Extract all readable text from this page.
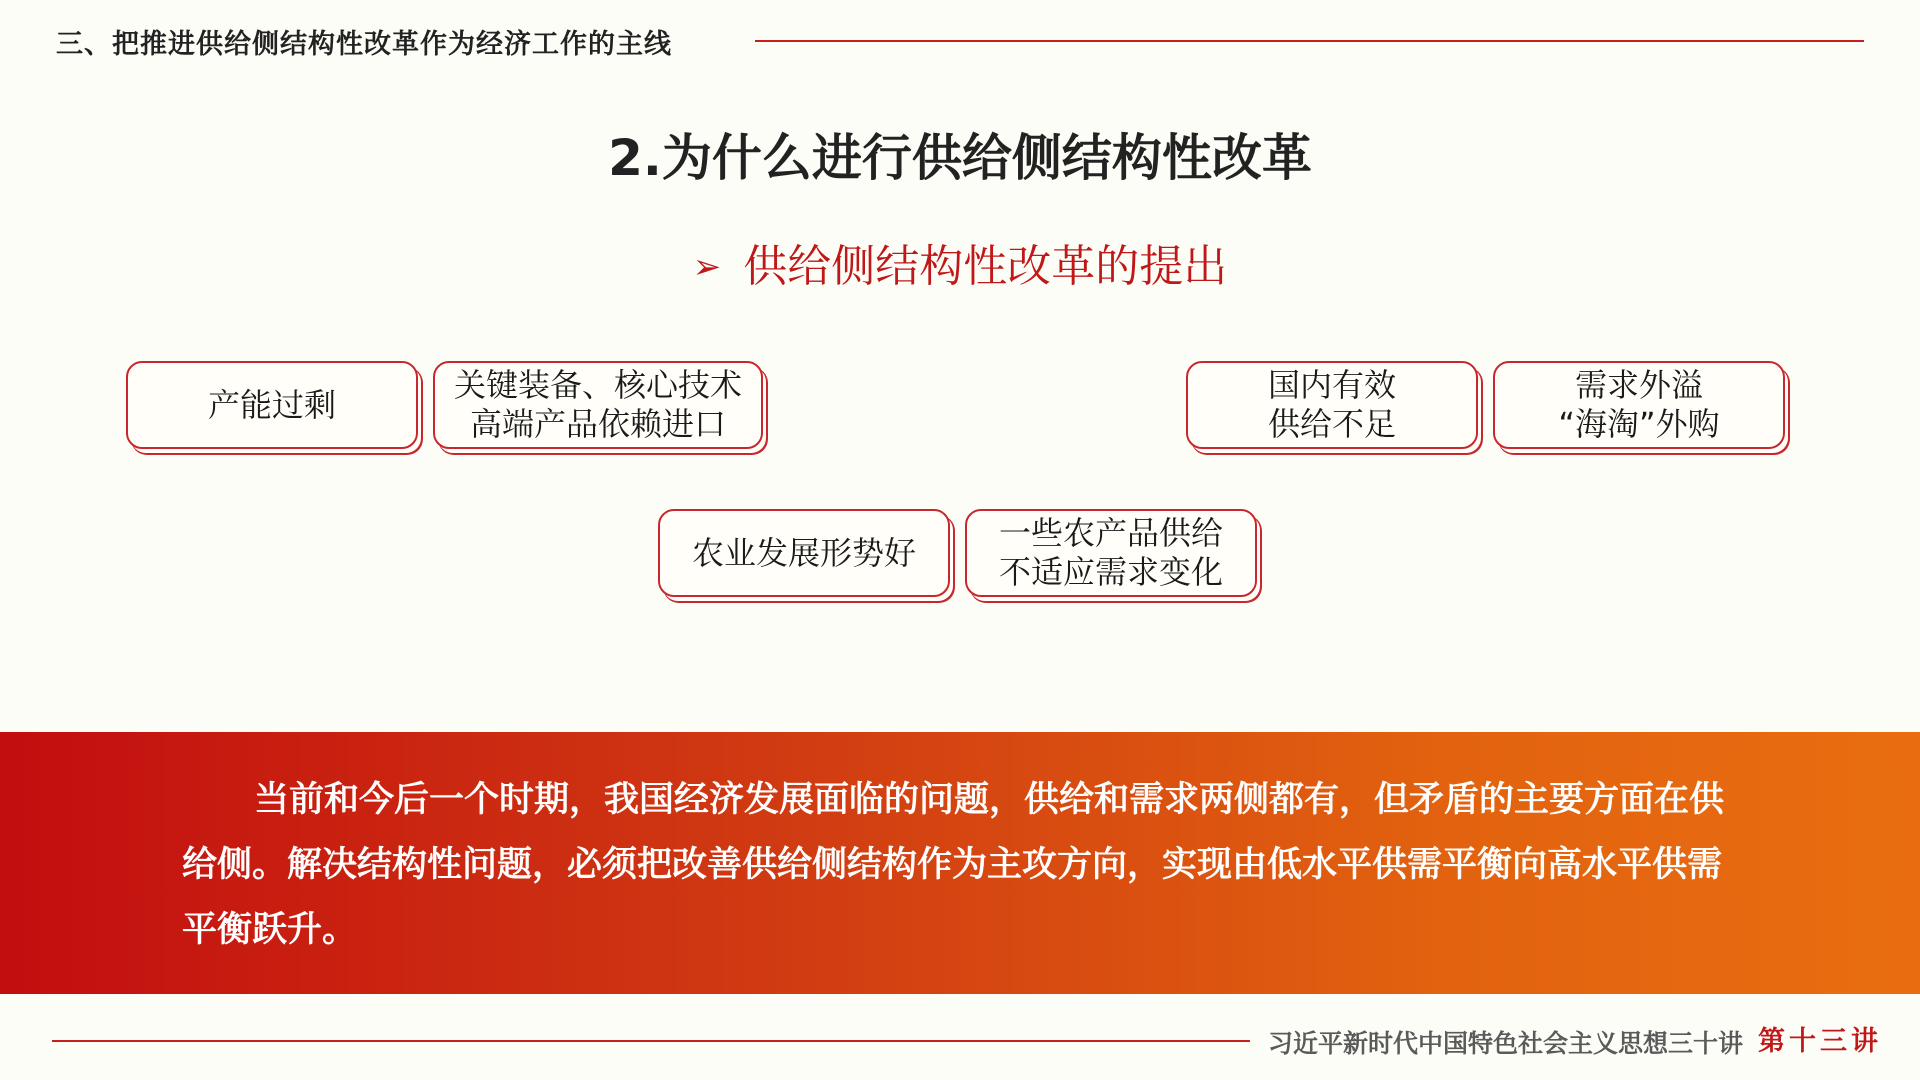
三、把推进供给侧结构性改革作为经济工作的主线
2.为什么进行供给侧结构性改革
➢ 供给侧结构性改革的提出
产能过剩
关键装备、核心技术
高端产品依赖进口
国内有效
供给不足
需求外溢
“海淘”外购
农业发展形势好
一些农产品供给
不适应需求变化

当前和今后一个时期，我国经济发展面临的问题，供给和需求两侧都有，但矛盾的主要方面在供给侧。解决结构性问题，必须把改善供给侧结构作为主攻方向，实现由低水平供需平衡向高水平供需平衡跃升。

习近平新时代中国特色社会主义思想三十讲 第十三讲
